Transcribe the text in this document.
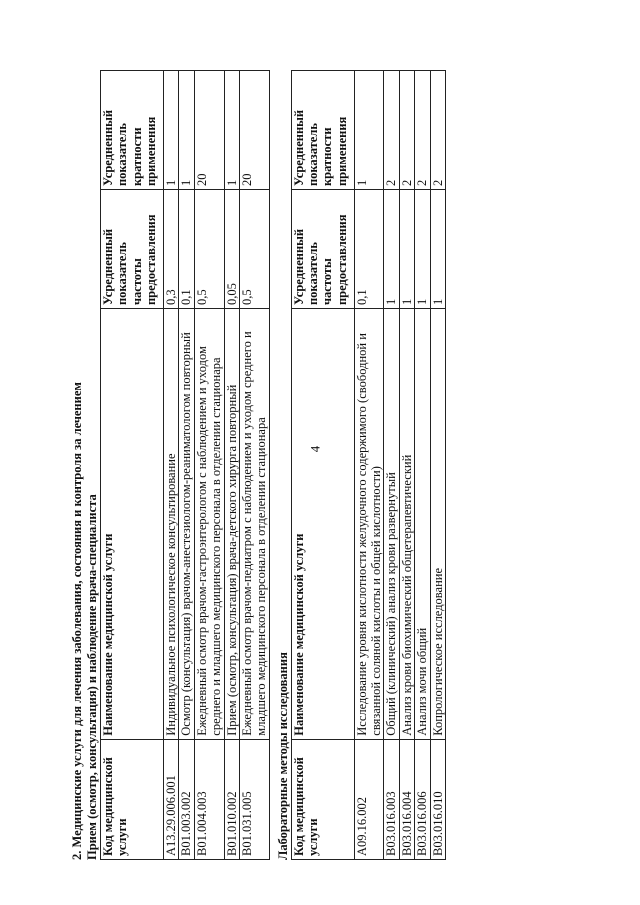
4
2. Медицинские услуги для лечения заболевания, состояния и контроля за лечением Прием (осмотр, консультация) и наблюдение врача-специалиста Код медицинской услуги	Наименование медицинской услуги	Усредненный показатель частоты предоставления	Усредненный показатель кратности применения
A13.29.006.001	Индивидуальное психологическое консультирование	0,3	1
B01.003.002	Осмотр (консультация) врачом-анестезиологом-реаниматологом повторный	0,1	1
B01.004.003	Ежедневный осмотр врачом-гастроэнтерологом с наблюдением и уходом среднего и младшего медицинского персонала в отделении стационара	0,5	20
B01.010.002	Прием (осмотр, консультация) врача-детского хирурга повторный	0,05	1
B01.031.005	Ежедневный осмотр врачом-педиатром с наблюдением и уходом среднего и младшего медицинского персонала в отделении стационара	0,5	20
Лабораторные методы исследования Код медицинской услуги	Наименование медицинской услуги	Усредненный показатель частоты предоставления	Усредненный показатель кратности применения
A09.16.002	Исследование уровня кислотности желудочного содержимого (свободной и связанной соляной кислоты и общей кислотности)	0,1	1
B03.016.003	Общий (клинический) анализ крови развернутый	1	2
B03.016.004	Анализ крови биохимический общетерапевтический	1	2
B03.016.006	Анализ мочи общий	1	2
B03.016.010	Копрологическое исследование	1	2
